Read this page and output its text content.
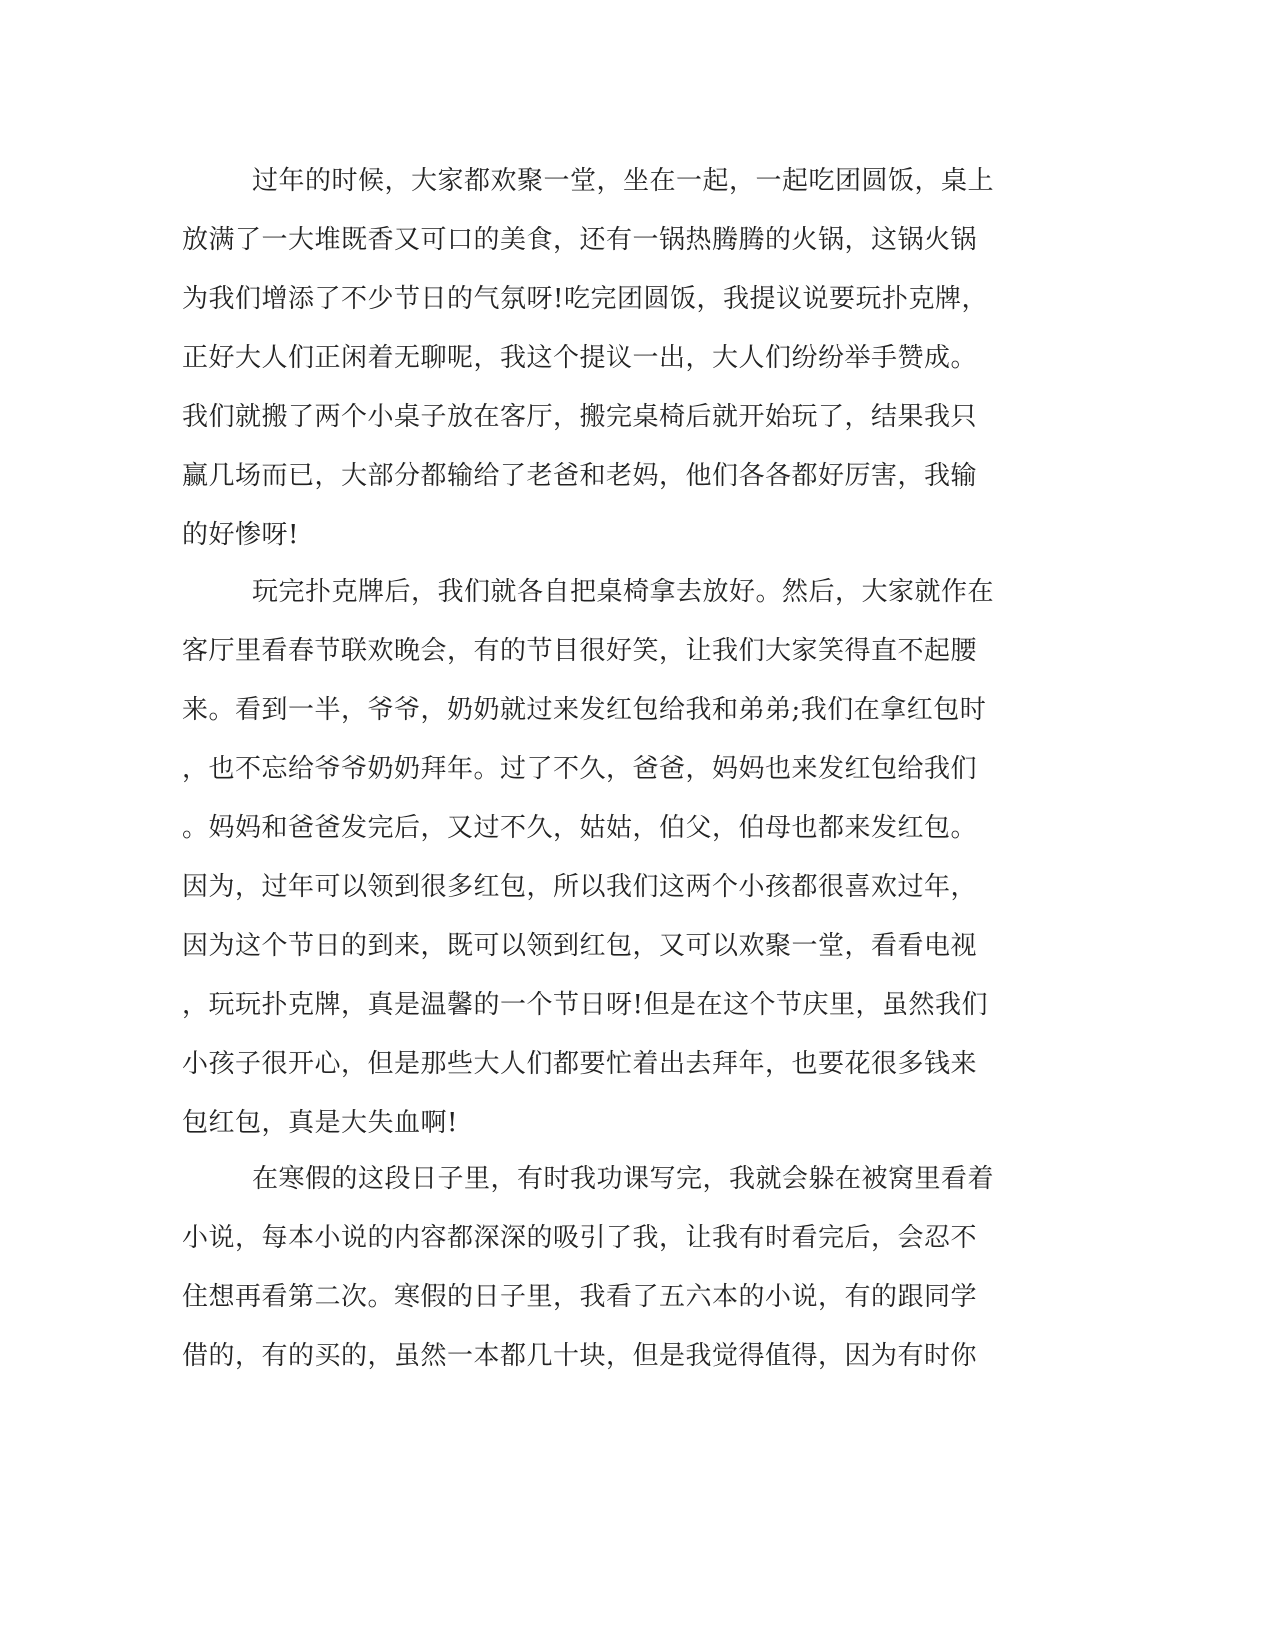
过年的时候，大家都欢聚一堂，坐在一起，一起吃团圆饭，桌上
放满了一大堆既香又可口的美食，还有一锅热腾腾的火锅，这锅火锅
为我们增添了不少节日的气氛呀!吃完团圆饭，我提议说要玩扑克牌，
正好大人们正闲着无聊呢，我这个提议一出，大人们纷纷举手赞成。
我们就搬了两个小桌子放在客厅，搬完桌椅后就开始玩了，结果我只
赢几场而已，大部分都输给了老爸和老妈，他们各各都好厉害，我输
的好惨呀!
玩完扑克牌后，我们就各自把桌椅拿去放好。然后，大家就作在
客厅里看春节联欢晚会，有的节目很好笑，让我们大家笑得直不起腰
来。看到一半，爷爷，奶奶就过来发红包给我和弟弟;我们在拿红包时
，也不忘给爷爷奶奶拜年。过了不久，爸爸，妈妈也来发红包给我们
。妈妈和爸爸发完后，又过不久，姑姑，伯父，伯母也都来发红包。
因为，过年可以领到很多红包，所以我们这两个小孩都很喜欢过年，
因为这个节日的到来，既可以领到红包，又可以欢聚一堂，看看电视
，玩玩扑克牌，真是温馨的一个节日呀!但是在这个节庆里，虽然我们
小孩子很开心，但是那些大人们都要忙着出去拜年，也要花很多钱来
包红包，真是大失血啊!
在寒假的这段日子里，有时我功课写完，我就会躲在被窝里看着
小说，每本小说的内容都深深的吸引了我，让我有时看完后，会忍不
住想再看第二次。寒假的日子里，我看了五六本的小说，有的跟同学
借的，有的买的，虽然一本都几十块，但是我觉得值得，因为有时你
